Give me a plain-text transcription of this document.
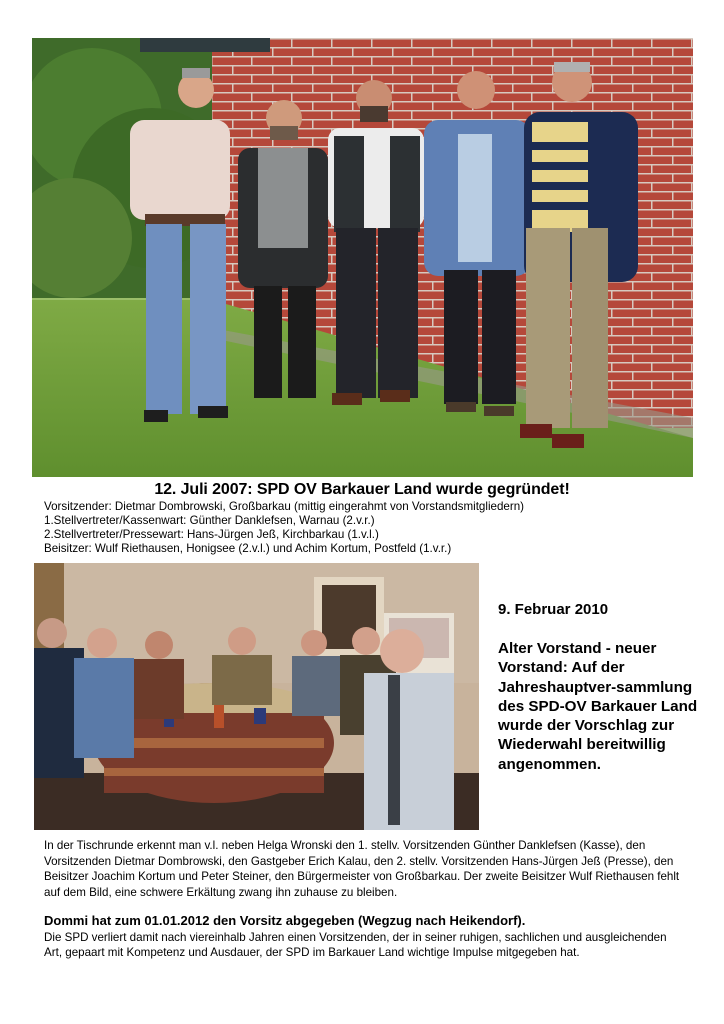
12. Juli 2007: SPD OV Barkauer Land wurde gegründet!
Vorsitzender: Dietmar Dombrowski, Großbarkau (mittig eingerahmt von Vorstandsmitgliedern)
1.Stellvertreter/Kassenwart: Günther Danklefsen, Warnau (2.v.r.)
2.Stellvertreter/Pressewart: Hans-Jürgen Jeß, Kirchbarkau (1.v.l.)
Beisitzer: Wulf Riethausen, Honigsee (2.v.l.) und Achim Kortum, Postfeld (1.v.r.)
9. Februar 2010
Alter Vorstand - neuer Vorstand: Auf der Jahreshauptver-sammlung des SPD-OV Barkauer Land wurde der Vorschlag zur Wiederwahl bereitwillig angenommen.
In der Tischrunde erkennt man v.l. neben Helga Wronski den 1. stellv. Vorsitzenden Günther Danklefsen (Kasse), den Vorsitzenden Dietmar Dombrowski, den Gastgeber Erich Kalau, den 2. stellv. Vorsitzenden Hans-Jürgen Jeß (Presse), den Beisitzer Joachim Kortum und Peter Steiner, den Bürgermeister von Großbarkau. Der zweite Beisitzer Wulf Riethausen fehlt auf dem Bild, eine schwere Erkältung zwang ihn zuhause zu bleiben.
Dommi hat zum 01.01.2012 den Vorsitz abgegeben (Wegzug nach Heikendorf).
Die SPD verliert damit nach viereinhalb Jahren einen Vorsitzenden, der in seiner ruhigen, sachlichen und ausgleichenden Art, gepaart mit Kompetenz und Ausdauer, der SPD im Barkauer Land wichtige Impulse mitgegeben hat.
